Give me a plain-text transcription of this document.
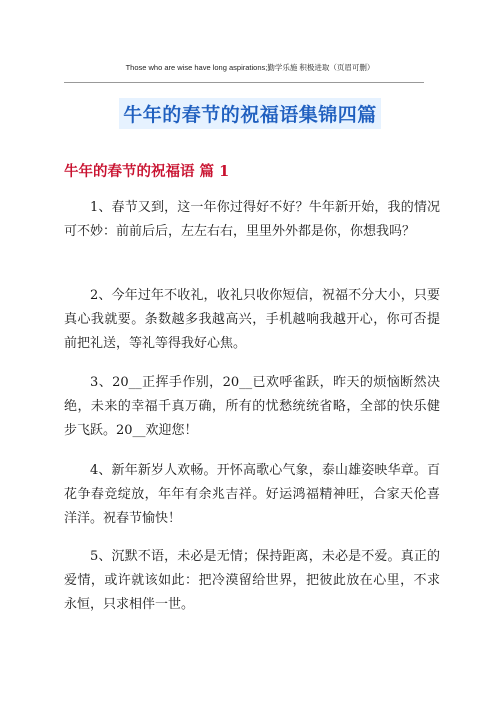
Those who are wise have long aspirations;勤学乐施 积极进取（页眉可删）
牛年的春节的祝福语集锦四篇
牛年的春节的祝福语 篇 1

1、春节又到，这一年你过得好不好？牛年新开始，我的情况可不妙：前前后后，左左右右，里里外外都是你，你想我吗？

2、今年过年不收礼，收礼只收你短信，祝福不分大小，只要真心我就要。条数越多我越高兴，手机越响我越开心，你可否提前把礼送，等礼等得我好心焦。

3、20__正挥手作别，20__已欢呼雀跃，昨天的烦恼断然决绝，未来的幸福千真万确，所有的忧愁统统省略，全部的快乐健步飞跃。20__欢迎您！

4、新年新岁人欢畅。开怀高歌心气象，泰山雄姿映华章。百花争春竞绽放，年年有余兆吉祥。好运鸿福精神旺，合家天伦喜洋洋。祝春节愉快！

5、沉默不语，未必是无情；保持距离，未必是不爱。真正的爱情，或许就该如此：把冷漠留给世界，把彼此放在心里，不求永恒，只求相伴一世。
